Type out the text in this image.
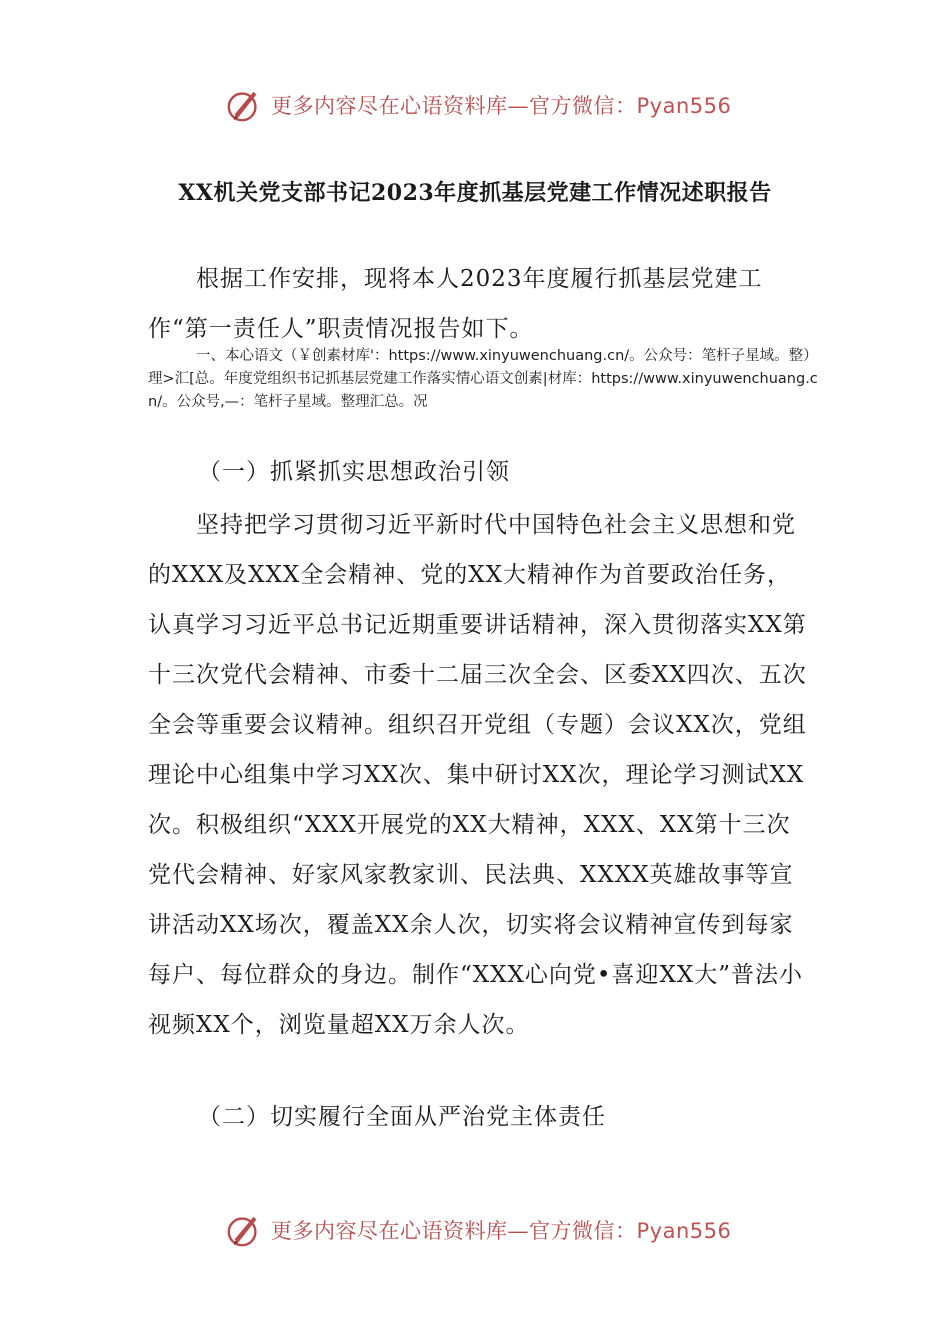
更多内容尽在心语资料库—官方微信：Pyan556
XX机关党支部书记2023年度抓基层党建工作情况述职报告

根据工作安排，现将本人2023年度履行抓基层党建工作“第一责任人”职责情况报告如下。

一、本心语文（￥创素材库'：https://www.xinyuwenchuang.cn/。公众号：笔杆子星域。整）理>汇[总。年度党组织书记抓基层党建工作落实情心语文创素|材库：https://www.xinyuwenchuang.cn/。公众号,—：笔杆子星域。整理汇总。况

（一）抓紧抓实思想政治引领

坚持把学习贯彻习近平新时代中国特色社会主义思想和党的XXX及XXX全会精神、党的XX大精神作为首要政治任务，认真学习习近平总书记近期重要讲话精神，深入贯彻落实XX第十三次党代会精神、市委十二届三次全会、区委XX四次、五次全会等重要会议精神。组织召开党组（专题）会议XX次，党组理论中心组集中学习XX次、集中研讨XX次，理论学习测试XX次。积极组织“XXX开展党的XX大精神，XXX、XX第十三次党代会精神、好家风家教家训、民法典、XXXX英雄故事等宣讲活动XX场次，覆盖XX余人次，切实将会议精神宣传到每家每户、每位群众的身边。制作“XXX心向党•喜迎XX大”普法小视频XX个，浏览量超XX万余人次。

（二）切实履行全面从严治党主体责任

更多内容尽在心语资料库—官方微信：Pyan556
